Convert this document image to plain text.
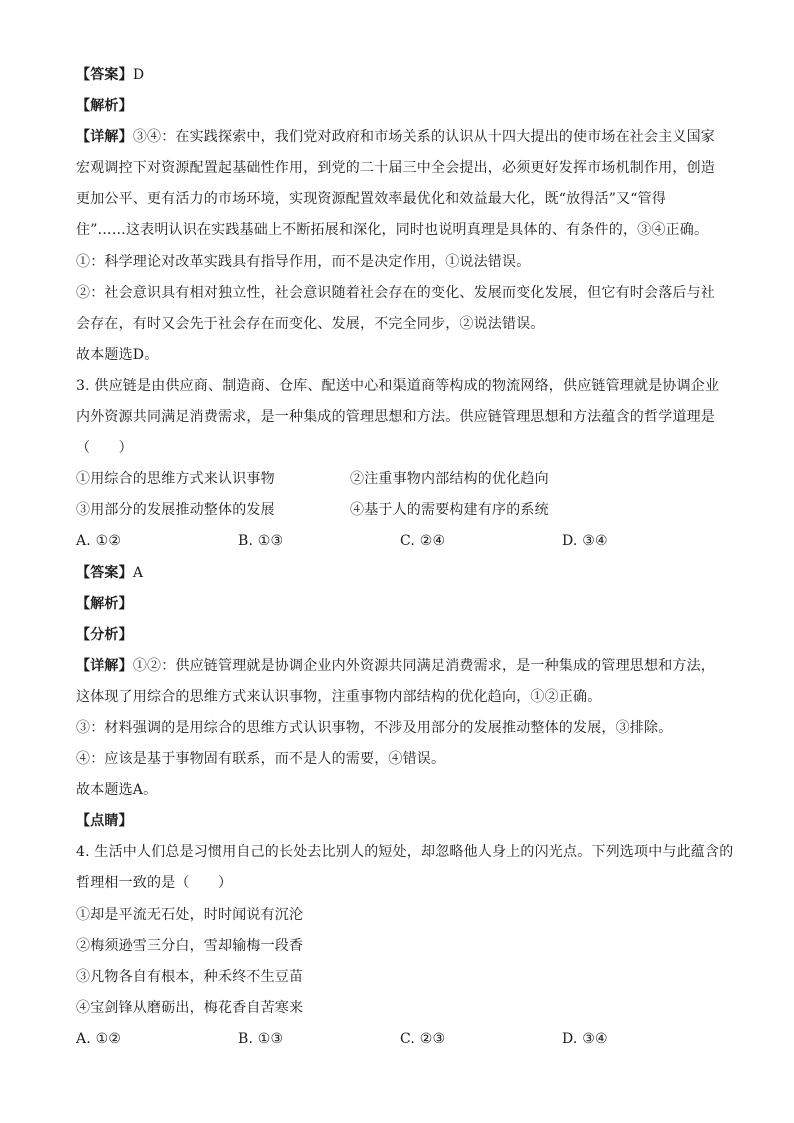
【答案】D
【解析】
【详解】③④：在实践探索中，我们党对政府和市场关系的认识从十四大提出的使市场在社会主义国家
宏观调控下对资源配置起基础性作用，到党的二十届三中全会提出，必须更好发挥市场机制作用，创造
更加公平、更有活力的市场环境，实现资源配置效率最优化和效益最大化，既“放得活”又“管得
住”……这表明认识在实践基础上不断拓展和深化，同时也说明真理是具体的、有条件的，③④正确。
①：科学理论对改革实践具有指导作用，而不是决定作用，①说法错误。
②：社会意识具有相对独立性，社会意识随着社会存在的变化、发展而变化发展，但它有时会落后与社
会存在，有时又会先于社会存在而变化、发展，不完全同步，②说法错误。
故本题选D。
3. 供应链是由供应商、制造商、仓库、配送中心和渠道商等构成的物流网络，供应链管理就是协调企业
内外资源共同满足消费需求，是一种集成的管理思想和方法。供应链管理思想和方法蕴含的哲学道理是
（　　）
①用综合的思维方式来认识事物	②注重事物内部结构的优化趋向
③用部分的发展推动整体的发展	④基于人的需要构建有序的系统
A. ①②	B. ①③	C. ②④	D. ③④
【答案】A
【解析】
【分析】
【详解】①②：供应链管理就是协调企业内外资源共同满足消费需求，是一种集成的管理思想和方法，
这体现了用综合的思维方式来认识事物，注重事物内部结构的优化趋向，①②正确。
③：材料强调的是用综合的思维方式认识事物，不涉及用部分的发展推动整体的发展，③排除。
④：应该是基于事物固有联系，而不是人的需要，④错误。
故本题选A。
【点睛】
4. 生活中人们总是习惯用自己的长处去比别人的短处，却忽略他人身上的闪光点。下列选项中与此蕴含的
哲理相一致的是（　　）
①却是平流无石处，时时闻说有沉沦
②梅须逊雪三分白，雪却输梅一段香
③凡物各自有根本，种禾终不生豆苗
④宝剑锋从磨砺出，梅花香自苦寒来
A. ①②	B. ①③	C. ②③	D. ③④
